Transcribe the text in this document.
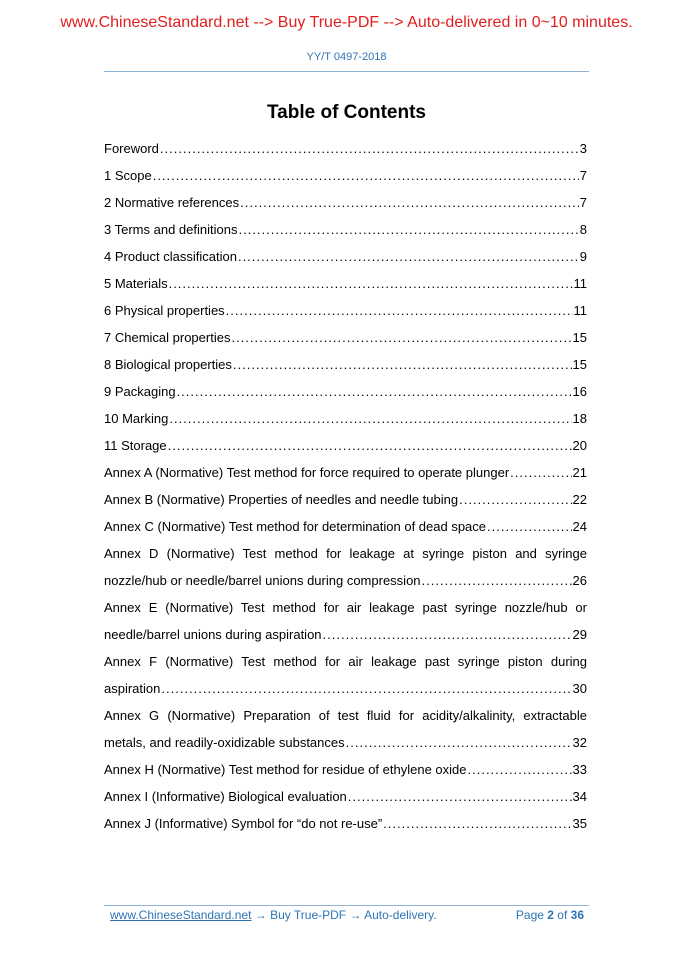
www.ChineseStandard.net --> Buy True-PDF --> Auto-delivered in 0~10 minutes.
YY/T 0497-2018
Table of Contents
Foreword .....	3
1 Scope .....	7
2 Normative references .....	7
3 Terms and definitions .....	8
4 Product classification .....	9
5 Materials .....	11
6 Physical properties .....	11
7 Chemical properties .....	15
8 Biological properties .....	15
9 Packaging .....	16
10 Marking .....	18
11 Storage .....	20
Annex A (Normative) Test method for force required to operate plunger .....	21
Annex B (Normative) Properties of needles and needle tubing .....	22
Annex C (Normative) Test method for determination of dead space .....	24
Annex D (Normative) Test method for leakage at syringe piston and syringe
nozzle/hub or needle/barrel unions during compression .....	26
Annex E (Normative) Test method for air leakage past syringe nozzle/hub or
needle/barrel unions during aspiration .....	29
Annex F (Normative) Test method for air leakage past syringe piston during
aspiration .....	30
Annex G (Normative) Preparation of test fluid for acidity/alkalinity, extractable
metals, and readily-oxidizable substances .....	32
Annex H (Normative) Test method for residue of ethylene oxide .....	33
Annex I (Informative) Biological evaluation .....	34
Annex J (Informative) Symbol for “do not re-use” .....	35
www.ChineseStandard.net → Buy True-PDF → Auto-delivery.	Page 2 of 36
